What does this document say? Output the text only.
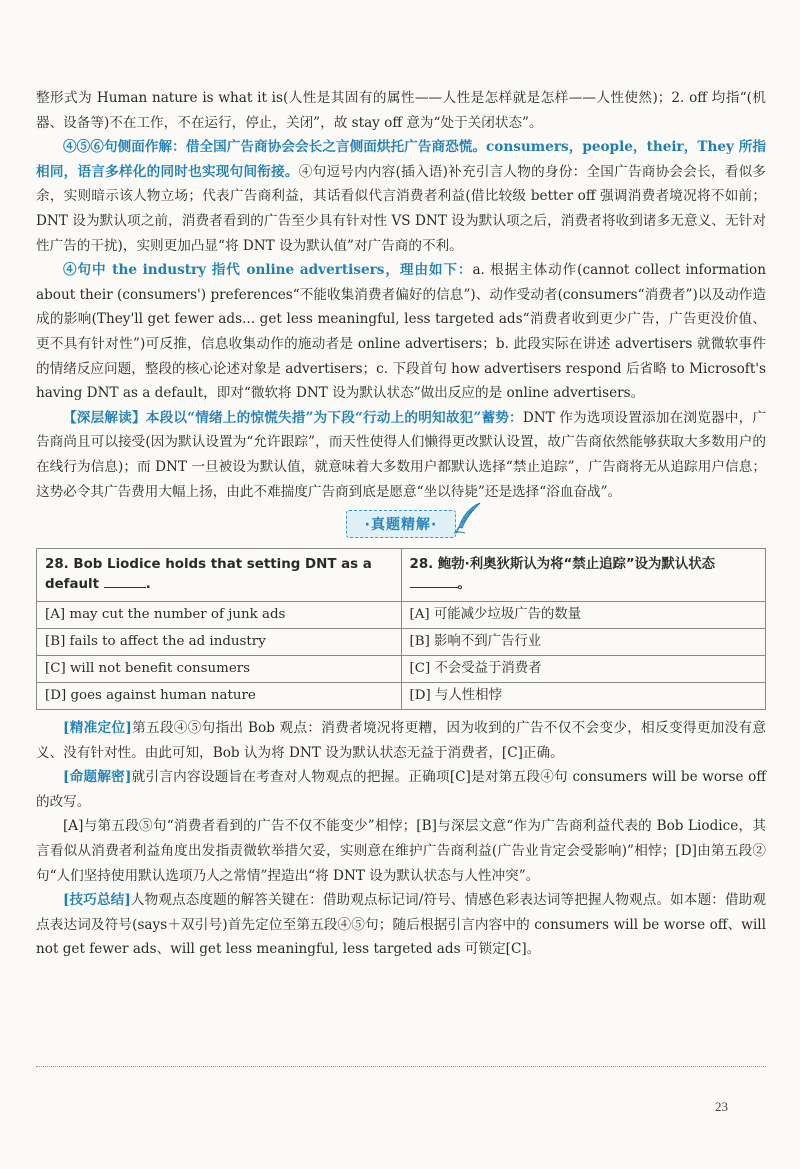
整形式为 Human nature is what it is(人性是其固有的属性——人性是怎样就是怎样——人性使然)；2. off 均指“(机器、设备等)不在工作，不在运行，停止，关闭”，故 stay off 意为“处于关闭状态”。

④⑤⑥句侧面作解：借全国广告商协会会长之言侧面烘托广告商恐慌。consumers，people，their，They 所指相同，语言多样化的同时也实现句间衔接。④句逗号内内容(插入语)补充引言人物的身份：全国广告商协会会长，看似多余，实则暗示该人物立场；代表广告商利益，其话看似代言消费者利益(借比较级 better off 强调消费者境况将不如前；DNT 设为默认项之前，消费者看到的广告至少具有针对性 VS DNT 设为默认项之后，消费者将收到诸多无意义、无针对性广告的干扰)，实则更加凸显“将 DNT 设为默认值”对广告商的不利。

④句中 the industry 指代 online advertisers，理由如下：a. 根据主体动作(cannot collect information about their (consumers') preferences“不能收集消费者偏好的信息”)、动作受动者(consumers“消费者”)以及动作造成的影响(They'll get fewer ads... get less meaningful, less targeted ads“消费者收到更少广告，广告更没价值、更不具有针对性”)可反推，信息收集动作的施动者是 online advertisers；b. 此段实际在讲述 advertisers 就微软事件的情绪反应问题，整段的核心论述对象是 advertisers；c. 下段首句 how advertisers respond 后省略 to Microsoft's having DNT as a default，即对“微软将 DNT 设为默认状态”做出反应的是 online advertisers。

【深层解读】本段以“情绪上的惊慌失措”为下段“行动上的明知故犯”蓄势：DNT 作为选项设置添加在浏览器中，广告商尚且可以接受(因为默认设置为“允许跟踪”，而天性使得人们懒得更改默认设置，故广告商依然能够获取大多数用户的在线行为信息)；而 DNT 一旦被设为默认值，就意味着大多数用户都默认选择“禁止追踪”，广告商将无从追踪用户信息；这势必令其广告费用大幅上扬，由此不难揣度广告商到底是愿意“坐以待毙”还是选择“浴血奋战”。

·真题精解·
28. Bob Liodice holds that setting DNT as a default .	28. 鲍勃·利奥狄斯认为将“禁止追踪”设为默认状态。
[A] may cut the number of junk ads	[A] 可能减少垃圾广告的数量
[B] fails to affect the ad industry	[B] 影响不到广告行业
[C] will not benefit consumers	[C] 不会受益于消费者
[D] goes against human nature	[D] 与人性相悖

[精准定位]第五段④⑤句指出 Bob 观点：消费者境况将更糟，因为收到的广告不仅不会变少，相反变得更加没有意义、没有针对性。由此可知，Bob 认为将 DNT 设为默认状态无益于消费者，[C]正确。

[命题解密]就引言内容设题旨在考查对人物观点的把握。正确项[C]是对第五段④句 consumers will be worse off 的改写。

[A]与第五段⑤句“消费者看到的广告不仅不能变少”相悖；[B]与深层文意“作为广告商利益代表的 Bob Liodice，其言看似从消费者利益角度出发指责微软举措欠妥，实则意在维护广告商利益(广告业肯定会受影响)”相悖；[D]由第五段②句“人们坚持使用默认选项乃人之常情”捏造出“将 DNT 设为默认状态与人性冲突”。

[技巧总结]人物观点态度题的解答关键在：借助观点标记词/符号、情感色彩表达词等把握人物观点。如本题：借助观点表达词及符号(says＋双引号)首先定位至第五段④⑤句；随后根据引言内容中的 consumers will be worse off、will not get fewer ads、will get less meaningful, less targeted ads 可锁定[C]。

23
